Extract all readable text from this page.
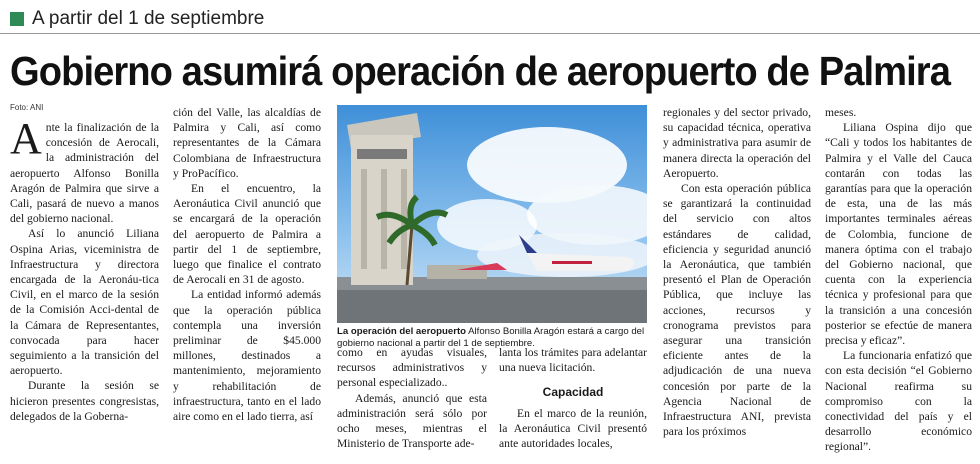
A partir del 1 de septiembre
Gobierno asumirá operación de aeropuerto de Palmira
Foto: ANI

Ante la finalización de la concesión de Aerocali, la administración del aeropuerto Alfonso Bonilla Aragón de Palmira que sirve a Cali, pasará de nuevo a manos del gobierno nacional.

Así lo anunció Liliana Ospina Arias, viceministra de Infraestructura y directora encargada de la Aeronáu-tica Civil, en el marco de la sesión de la Comisión Acci-dental de la Cámara de Representantes, convocada para hacer seguimiento a la transición del aeropuerto.

Durante la sesión se hicieron presentes congresistas, delegados de la Goberna-

ción del Valle, las alcaldías de Palmira y Cali, así como representantes de la Cámara Colombiana de Infraestructura y ProPacífico.

En el encuentro, la Aeronáutica Civil anunció que se encargará de la operación del aeropuerto de Palmira a partir del 1 de septiembre, luego que finalice el contrato de Aerocali en 31 de agosto.

La entidad informó además que la operación pública contempla una inversión preliminar de $45.000 millones, destinados a mantenimiento, mejoramiento y rehabilitación de infraestructura, tanto en el lado aire como en el lado tierra, así

La operación del aeropuerto Alfonso Bonilla Aragón estará a cargo del gobierno nacional a partir del 1 de septiembre.

como en ayudas visuales, recursos administrativos y personal especializado..

Además, anunció que esta administración será sólo por ocho meses, mientras el Ministerio de Transporte ade-

lanta los trámites para adelantar una nueva licitación.

Capacidad

En el marco de la reunión, la Aeronáutica Civil presentó ante autoridades locales,

regionales y del sector privado, su capacidad técnica, operativa y administrativa para asumir de manera directa la operación del Aeropuerto.

Con esta operación pública se garantizará la continuidad del servicio con altos estándares de calidad, eficiencia y seguridad anunció la Aeronáutica, que también presentó el Plan de Operación Pública, que incluye las acciones, recursos y cronograma previstos para asegurar una transición eficiente antes de la adjudicación de una nueva concesión por parte de la Agencia Nacional de Infraestructura ANI, prevista para los próximos

meses.

Liliana Ospina dijo que “Cali y todos los habitantes de Palmira y el Valle del Cauca contarán con todas las garantías para que la operación de esta, una de las más importantes terminales aéreas de Colombia, funcione de manera óptima con el trabajo del Gobierno nacional, que cuenta con la experiencia técnica y profesional para que la transición a una concesión posterior se efectúe de manera precisa y eficaz”.

La funcionaria enfatizó que con esta decisión “el Gobierno Nacional reafirma su compromiso con la conectividad del país y el desarrollo económico regional”.
